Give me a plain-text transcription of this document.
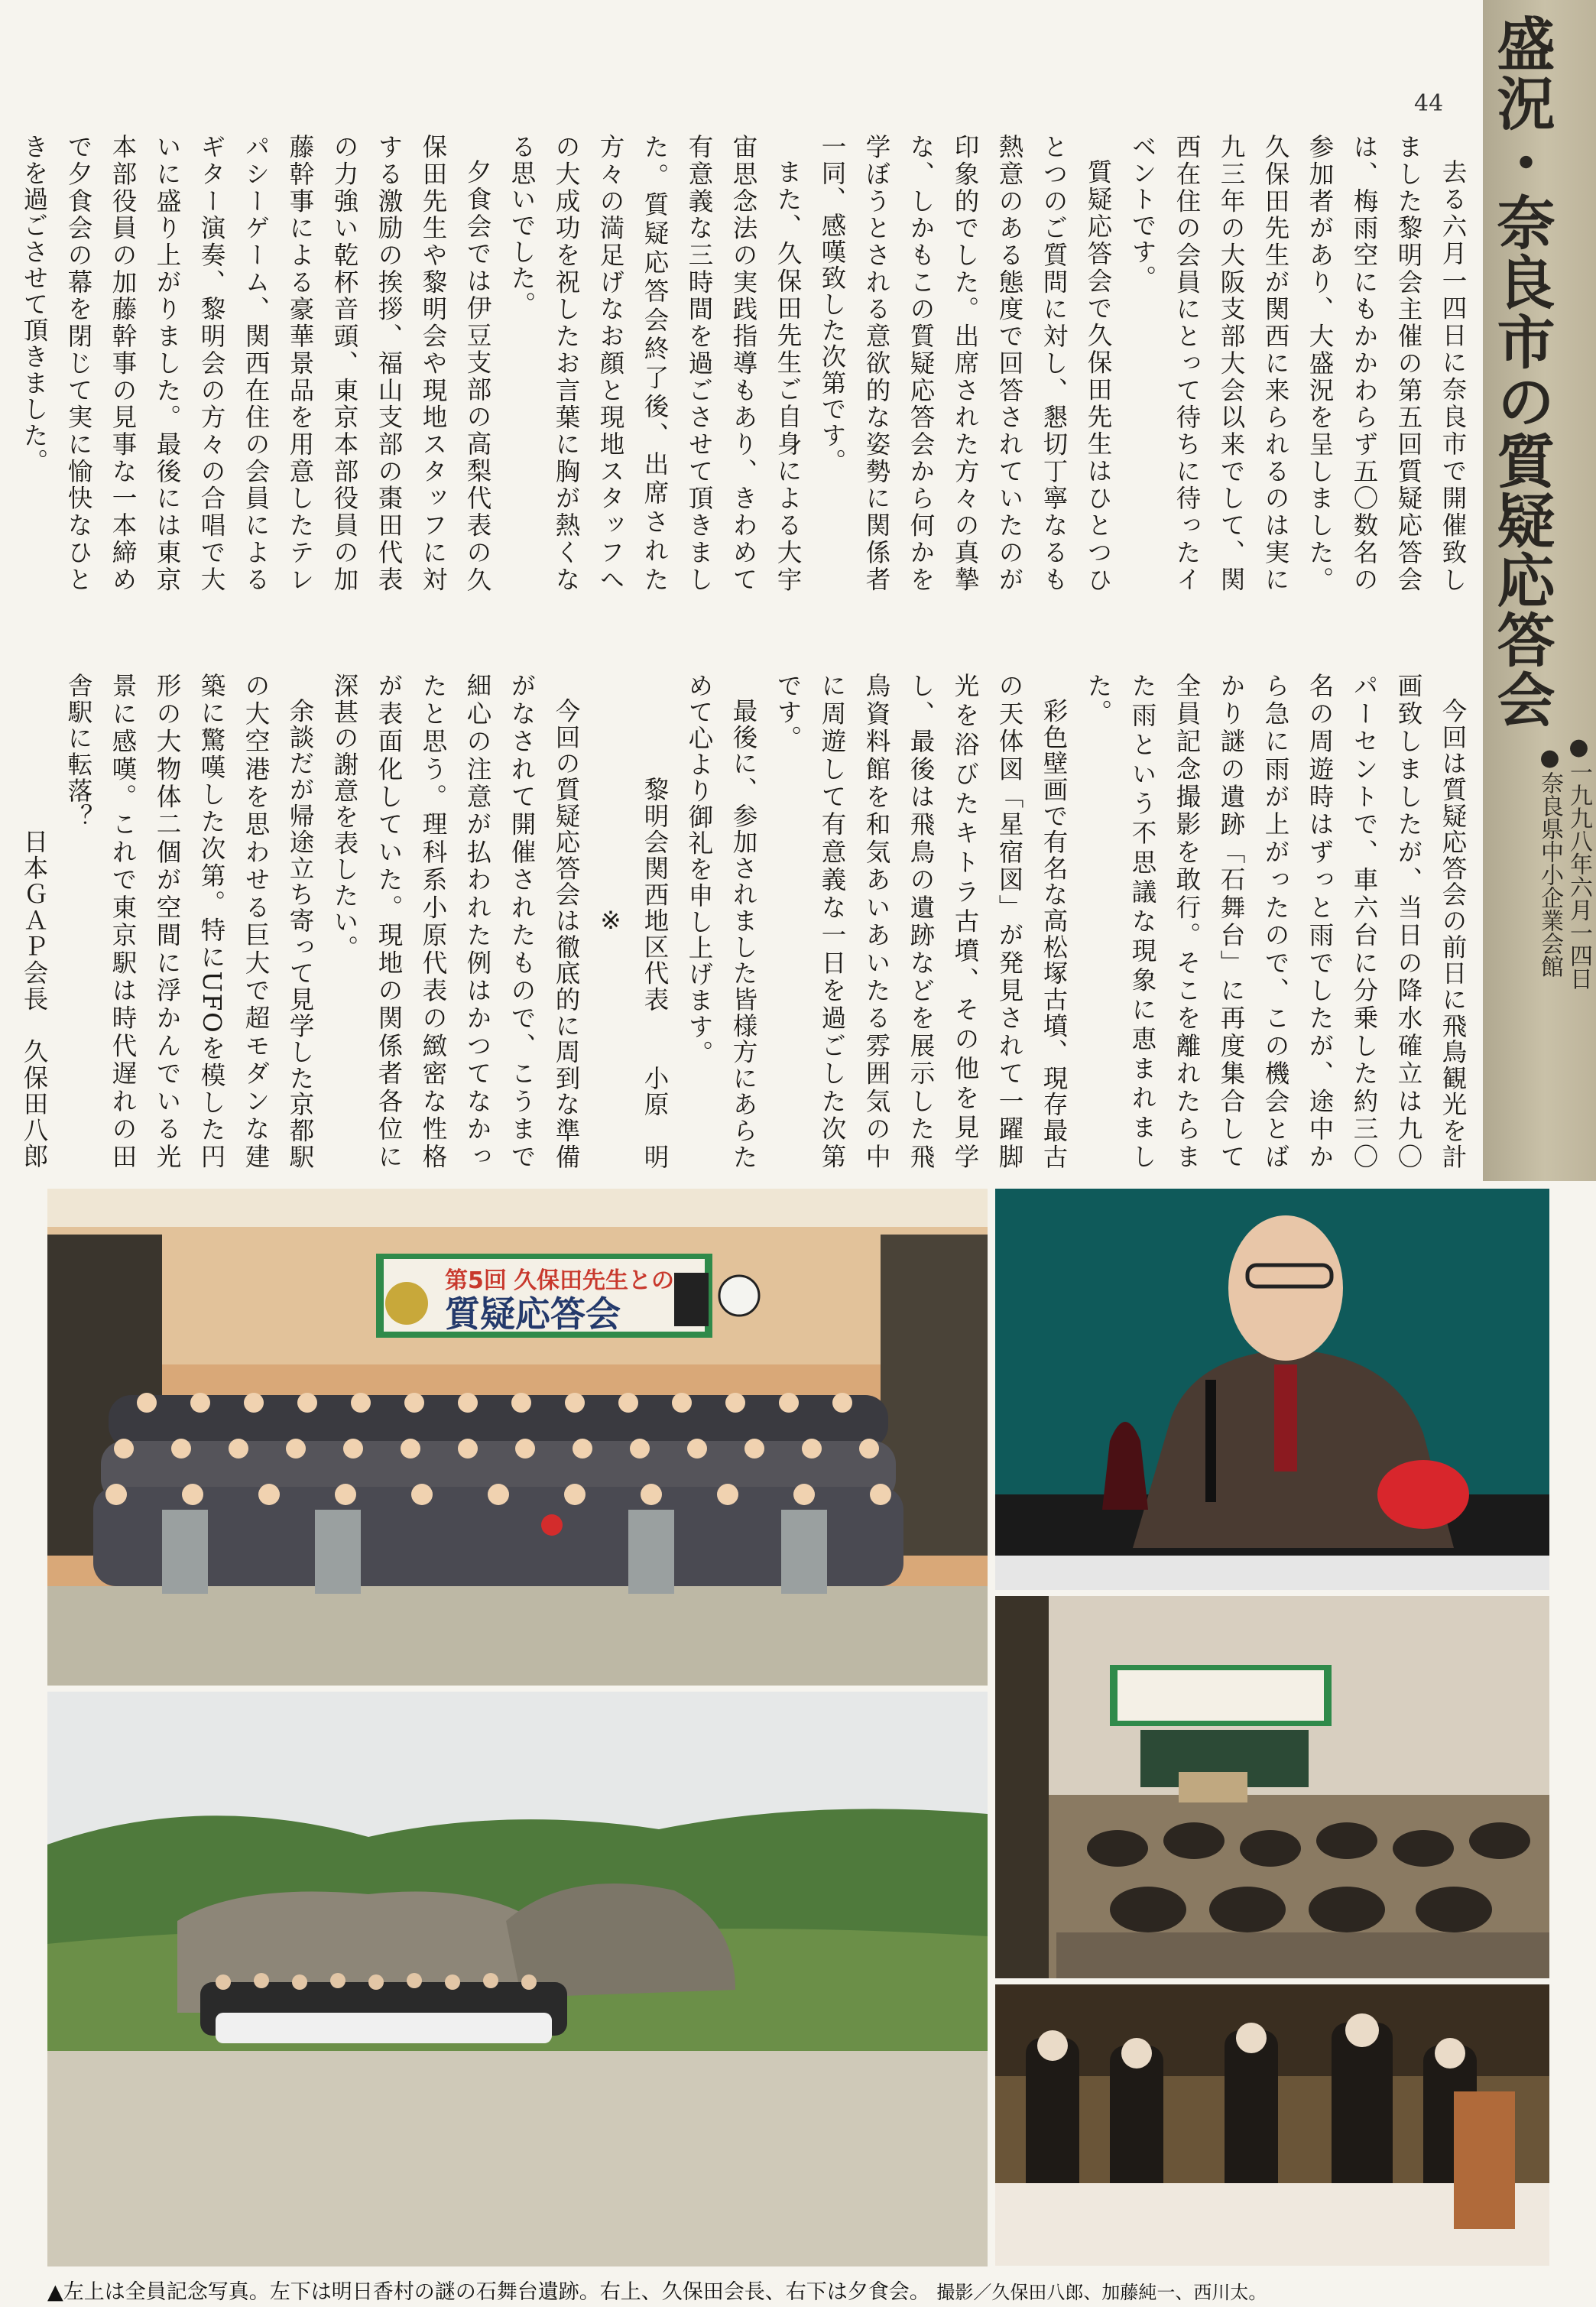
44 盛況・奈良市の質疑応答会
●一九九八年六月一四日
●奈良県中小企業会館

今回は質疑応答会の前日に飛鳥観光を計画致しましたが、当日の降水確立は九〇パーセントで、車六台に分乗した約三〇名の周遊時はずっと雨でしたが、途中から急に雨が上がったので、この機会とばかり謎の遺跡「石舞台」に再度集合して全員記念撮影を敢行。そこを離れたらまた雨という不思議な現象に恵まれました。

彩色壁画で有名な高松塚古墳、現存最古の天体図「星宿図」が発見されて一躍脚光を浴びたキトラ古墳、その他を見学し、最後は飛鳥の遺跡などを展示した飛鳥資料館を和気あいあいたる雰囲気の中に周遊して有意義な一日を過ごした次第です。

最後に、参加されました皆様方にあらためて心より御礼を申し上げます。

黎明会関西地区代表　　小原　明

※

今回の質疑応答会は徹底的に周到な準備がなされて開催されたもので、こうまで細心の注意が払われた例はかつてなかったと思う。理科系小原代表の緻密な性格が表面化していた。現地の関係者各位に深甚の謝意を表したい。

余談だが帰途立ち寄って見学した京都駅の大空港を思わせる巨大で超モダンな建築に驚嘆した次第。特にUFOを模した円形の大物体二個が空間に浮かんでいる光景に感嘆。これで東京駅は時代遅れの田舎駅に転落？

日本ＧＡＰ会長　久保田八郎

第5回 久保田先生との
質疑応答会
▲左上は全員記念写真。左下は明日香村の謎の石舞台遺跡。右上、久保田会長、右下は夕食会。 撮影／久保田八郎、加藤純一、西川太。

去る六月一四日に奈良市で開催致しました黎明会主催の第五回質疑応答会は、梅雨空にもかかわらず五〇数名の参加者があり、大盛況を呈しました。久保田先生が関西に来られるのは実に九三年の大阪支部大会以来でして、関西在住の会員にとって待ちに待ったイベントです。

質疑応答会で久保田先生はひとつひとつのご質問に対し、懇切丁寧なるも熱意のある態度で回答されていたのが印象的でした。出席された方々の真摯な、しかもこの質疑応答会から何かを学ぼうとされる意欲的な姿勢に関係者一同、感嘆致した次第です。

また、久保田先生ご自身による大宇宙思念法の実践指導もあり、きわめて有意義な三時間を過ごさせて頂きました。質疑応答会終了後、出席された方々の満足げなお顔と現地スタッフへの大成功を祝したお言葉に胸が熱くなる思いでした。

夕食会では伊豆支部の高梨代表の久保田先生や黎明会や現地スタッフに対する激励の挨拶、福山支部の棗田代表の力強い乾杯音頭、東京本部役員の加藤幹事による豪華景品を用意したテレパシーゲーム、関西在住の会員によるギター演奏、黎明会の方々の合唱で大いに盛り上がりました。最後には東京本部役員の加藤幹事の見事な一本締めで夕食会の幕を閉じて実に愉快なひときを過ごさせて頂きました。
